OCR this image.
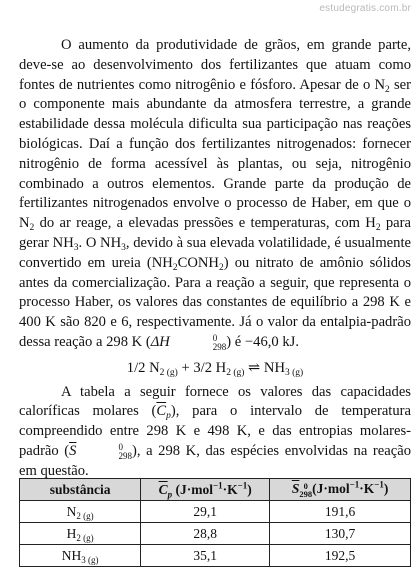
estudegratis.com.br

O aumento da produtividade de grãos, em grande parte, deve-se ao desenvolvimento dos fertilizantes que atuam como fontes de nutrientes como nitrogênio e fósforo. Apesar de o $N_2$ ser o componente mais abundante da atmosfera terrestre, a grande estabilidade dessa molécula dificulta sua participação nas reações biológicas. Daí a função dos fertilizantes nitrogenados: fornecer nitrogênio de forma acessível às plantas, ou seja, nitrogênio combinado a outros elementos. Grande parte da produção de fertilizantes nitrogenados envolve o processo de Haber, em que o $N_2$ do ar reage, a elevadas pressões e temperaturas, com $H_2$ para gerar $NH_3$. O $NH_3$, devido à sua elevada volatilidade, é usualmente convertido em ureia $(NH_2CONH_2)$ ou nitrato de amônio sólidos antes da comercialização. Para a reação a seguir, que representa o processo Haber, os valores das constantes de equilíbrio a 298 K e 400 K são 820 e 6, respectivamente. Já o valor da entalpia-padrão dessa reação a 298 K (ΔH	0
298 ) é −46,0 kJ.

1/2 $N_{2 (g)} + 3/2$ $H_{2 (g)}$ ⇌ $NH_{3 (g)}$

A tabela a seguir fornece os valores das capacidades caloríficas molares $(\overline{C}_p)$, para o intervalo de temperatura compreendido entre 298 K e 498 K, e das entropias molares-padrão ($\overline{S}$	0
298 ), a 298 K, das espécies envolvidas na reação em questão.

substância	$\overline{C}_p$ $(J\cdot mol^{-1}\cdot K^{-1})$	$\overline{S}$ 0
298 $(J\cdot mol^{-1}\cdot K^{-1})$
$N_{2 (g)}$	29,1	191,6
$H_{2 (g)}$	28,8	130,7
$NH_{3 (g)}$	35,1	192,5
